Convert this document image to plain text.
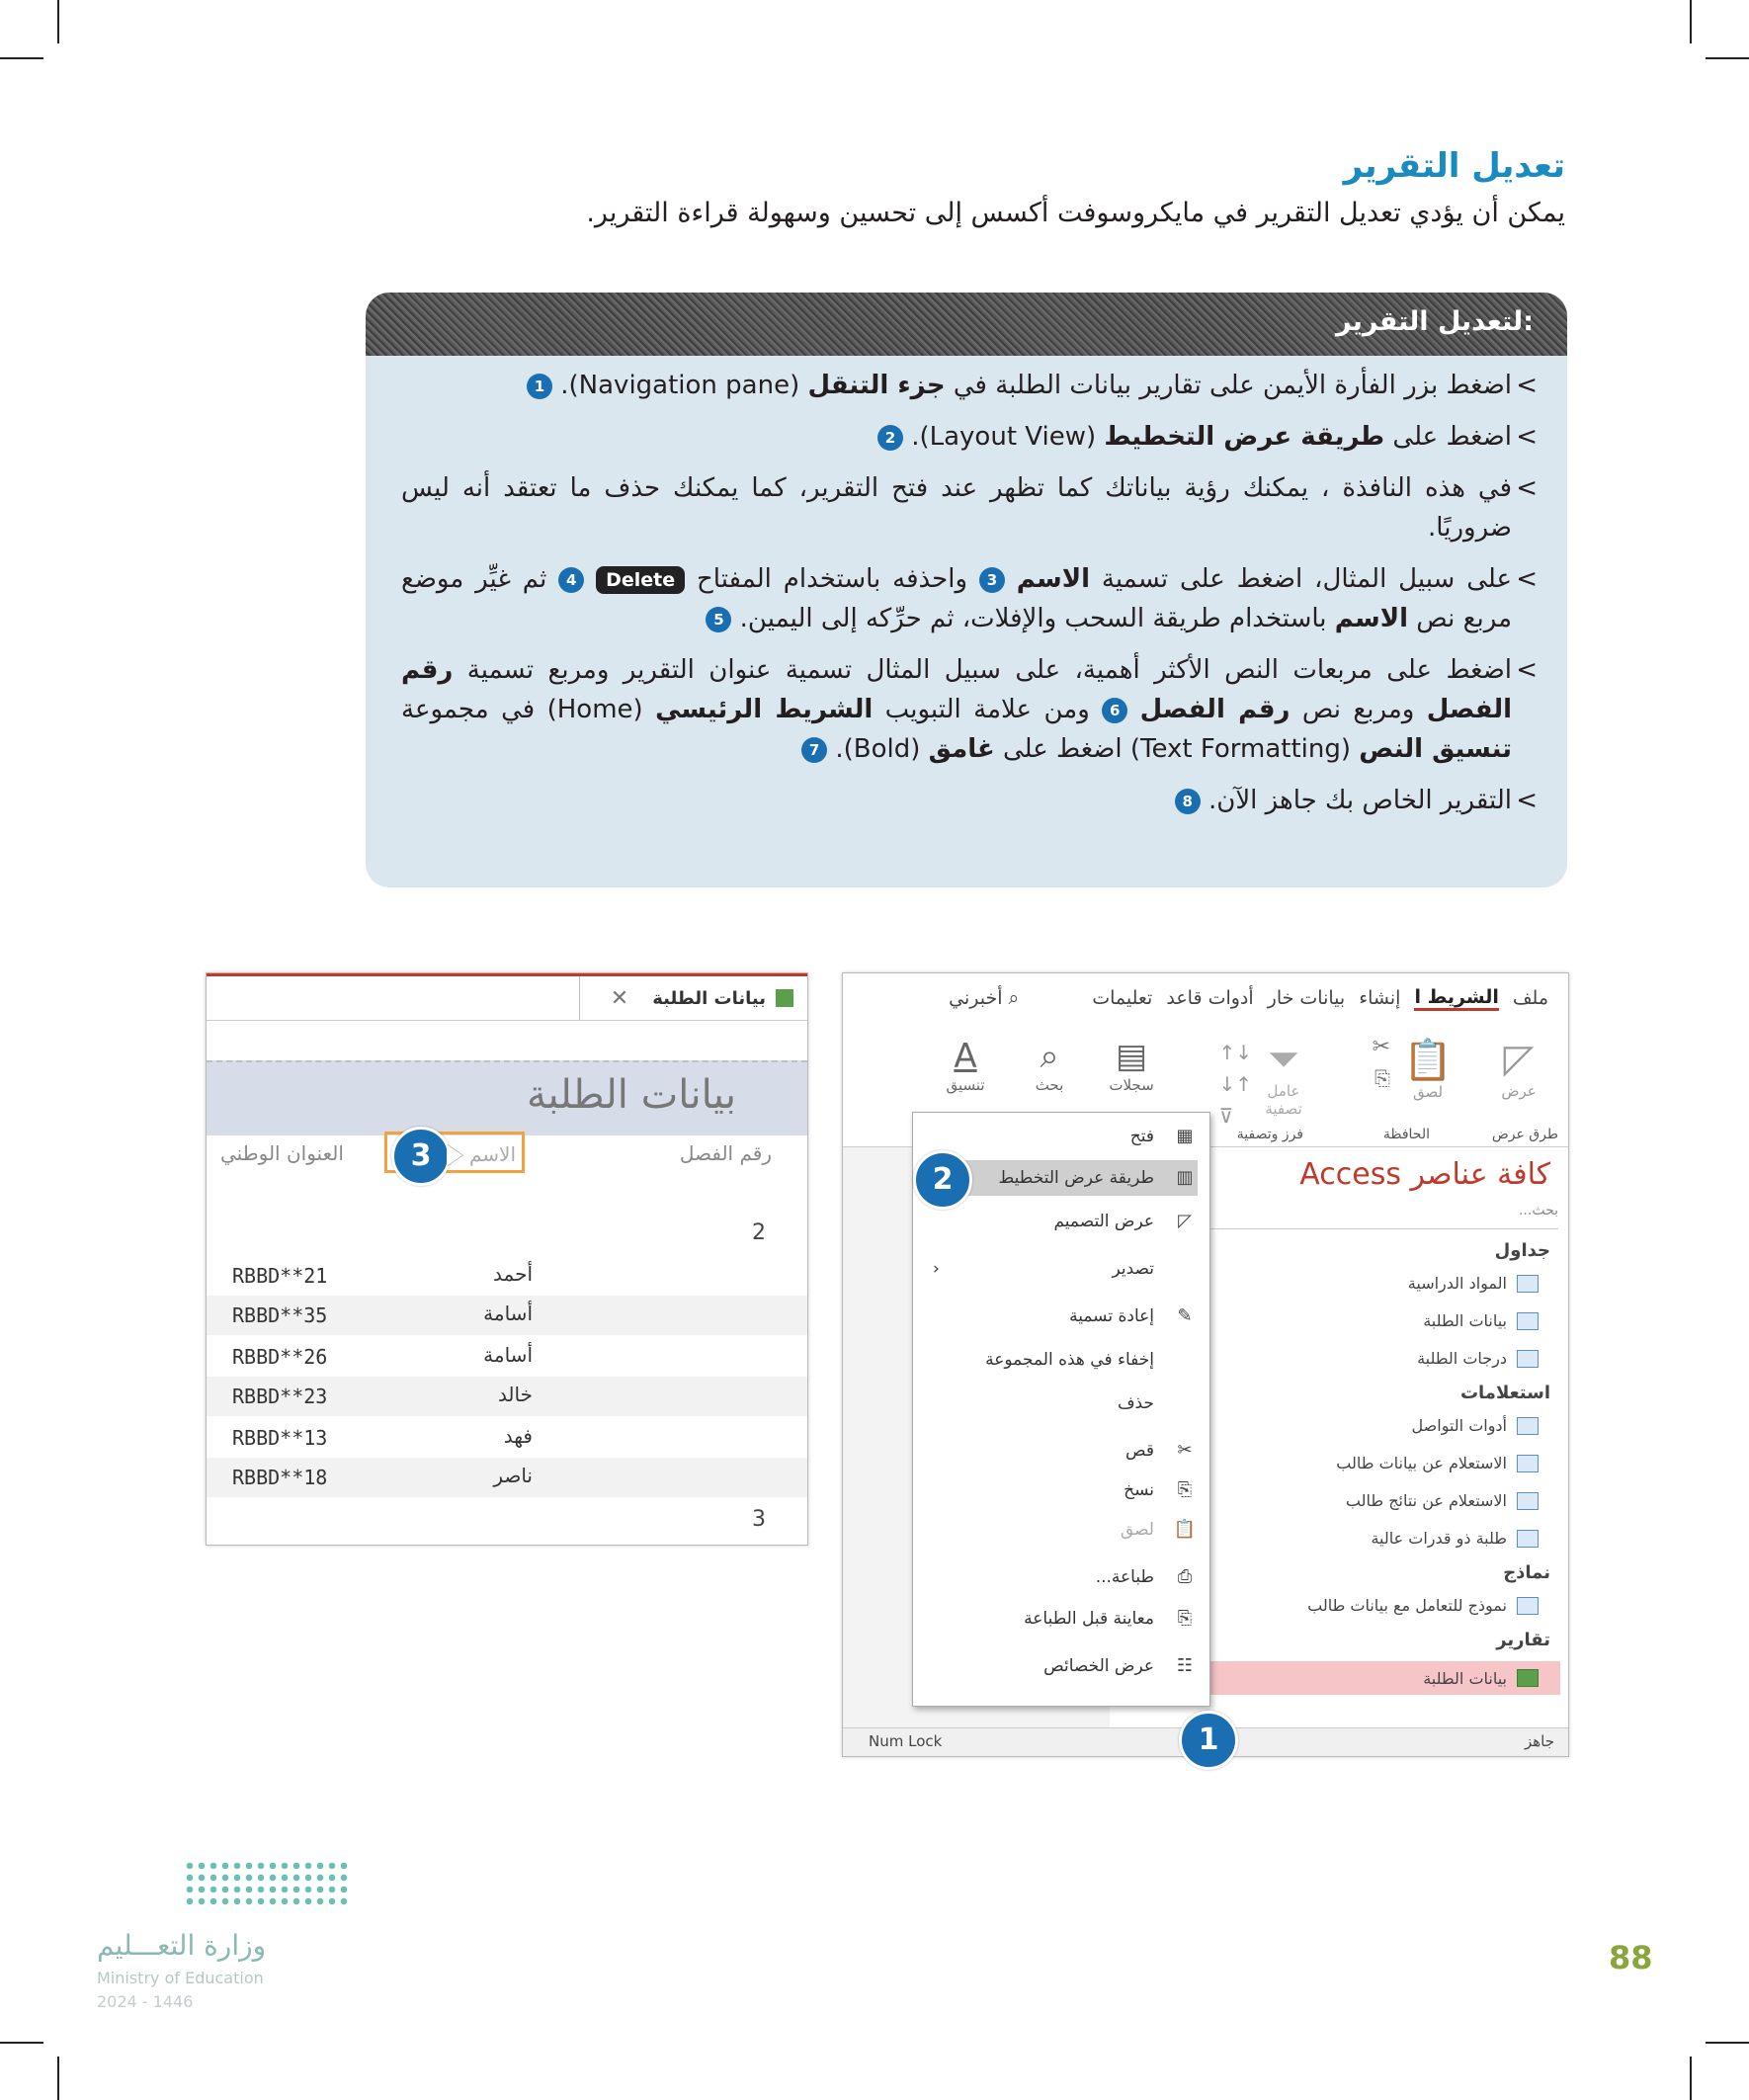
تعديل التقرير
يمكن أن يؤدي تعديل التقرير في مايكروسوفت أكسس إلى تحسين وسهولة قراءة التقرير.
لتعديل التقرير:
> اضغط بزر الفأرة الأيمن على تقارير بيانات الطلبة في جزء التنقل (Navigation pane). 1
> اضغط على طريقة عرض التخطيط (Layout View). 2
> في هذه النافذة ، يمكنك رؤية بياناتك كما تظهر عند فتح التقرير، كما يمكنك حذف ما تعتقد أنه ليس ضروريًا.
> على سبيل المثال، اضغط على تسمية الاسم 3 واحذفه باستخدام المفتاح Delete 4 ثم غيِّر موضع مربع نص الاسم باستخدام طريقة السحب والإفلات، ثم حرِّكه إلى اليمين. 5
> اضغط على مربعات النص الأكثر أهمية، على سبيل المثال تسمية عنوان التقرير ومربع تسمية رقم الفصل ومربع نص رقم الفصل 6 ومن علامة التبويب الشريط الرئيسي (Home) في مجموعة تنسيق النص (Text Formatting) اضغط على غامق (Bold). 7
> التقرير الخاص بك جاهز الآن. 8
ملف
الشريط ا
إنشاء
بيانات خار
أدوات قاعد
تعليمات
⌕ أخبرني
◸
عرض
📋
لصق
✂
⎘
⏷
عامل تصفية
↑↓
↓↑
⊽
▤
سجلات
⌕
بحث
A
تنسيق
طرق عرض
الحافظة
فرز وتصفية
كافة عناصر Access
بحث...
جداول
المواد الدراسية
بيانات الطلبة
درجات الطلبة
استعلامات
أدوات التواصل
الاستعلام عن بيانات طالب
الاستعلام عن نتائج طالب
طلبة ذو قدرات عالية
نماذج
نموذج للتعامل مع بيانات طالب
تقارير
بيانات الطلبة
▦
فتح
▥
طريقة عرض التخطيط
◸
عرض التصميم
تصدير
‹
✎
إعادة تسمية
إخفاء في هذه المجموعة
حذف
✂
قص
⎘
نسخ
📋
لصق
⎙
طباعة...
⎘
معاينة قبل الطباعة
☷
عرض الخصائص
Num Lock	جاهز
1
2
بيانات الطلبة
✕
بيانات الطلبة
رقم الفصل
الاسم
العنوان الوطني
2
أحمد
RBBD**21
أسامة
RBBD**35
أسامة
RBBD**26
خالد
RBBD**23
فهد
RBBD**13
ناصر
RBBD**18
3
3
وزارة التعـــليم
Ministry of Education
2024 - 1446
88
